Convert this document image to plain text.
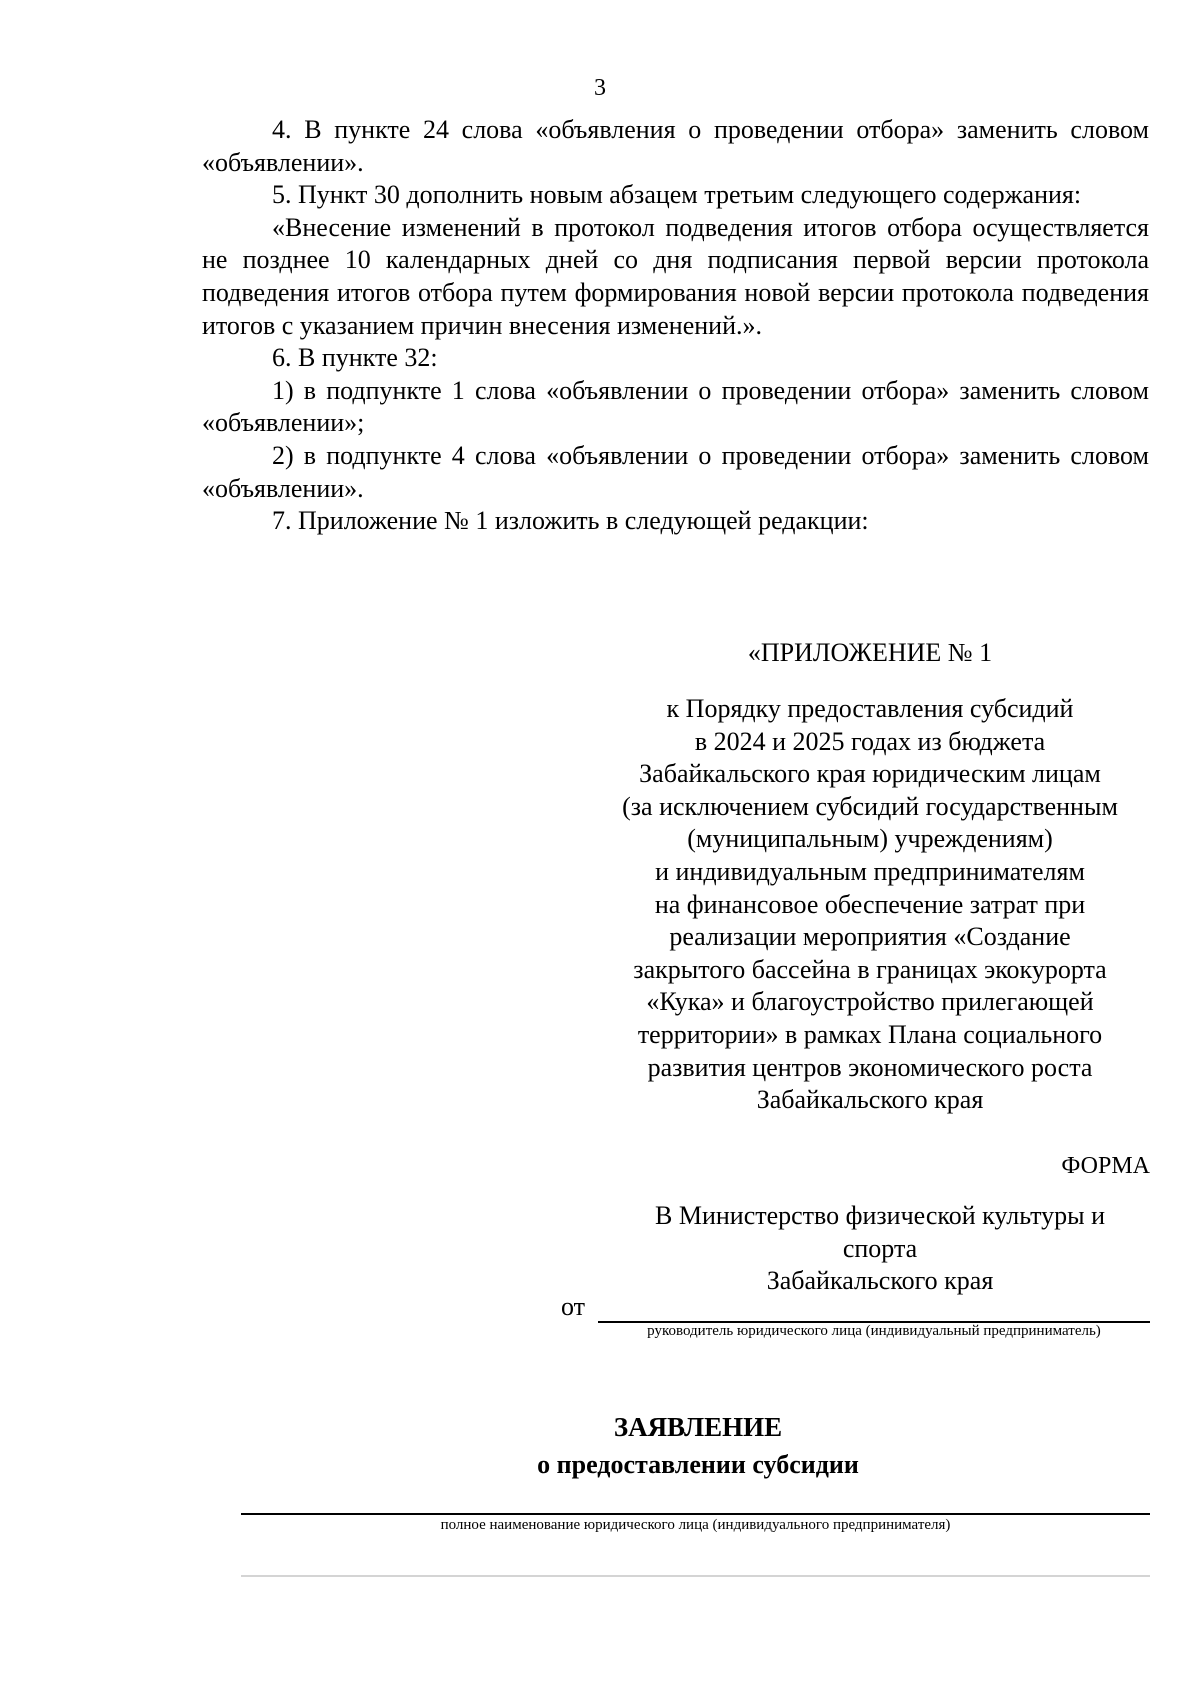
3

4. В пункте 24 слова «объявления о проведении отбора» заменить словом «объявлении».

5. Пункт 30 дополнить новым абзацем третьим следующего содержания:

«Внесение изменений в протокол подведения итогов отбора осуществляется не позднее 10 календарных дней со дня подписания первой версии протокола подведения итогов отбора путем формирования новой версии протокола подведения итогов с указанием причин внесения изменений.».

6. В пункте 32:

1) в подпункте 1 слова «объявлении о проведении отбора» заменить словом «объявлении»;

2) в подпункте 4 слова «объявлении о проведении отбора» заменить словом «объявлении».

7. Приложение № 1 изложить в следующей редакции:

«ПРИЛОЖЕНИЕ № 1
к Порядку предоставления субсидий
в 2024 и 2025 годах из бюджета
Забайкальского края юридическим лицам
(за исключением субсидий государственным
(муниципальным) учреждениям)
и индивидуальным предпринимателям
на финансовое обеспечение затрат при
реализации мероприятия «Создание
закрытого бассейна в границах экокурорта
«Кука» и благоустройство прилегающей
территории» в рамках Плана социального
развития центров экономического роста
Забайкальского края
ФОРМА
В Министерство физической культуры и
спорта
Забайкальского края
от
руководитель юридического лица (индивидуальный предприниматель)
ЗАЯВЛЕНИЕ
о предоставлении субсидии
полное наименование юридического лица (индивидуального предпринимателя)
